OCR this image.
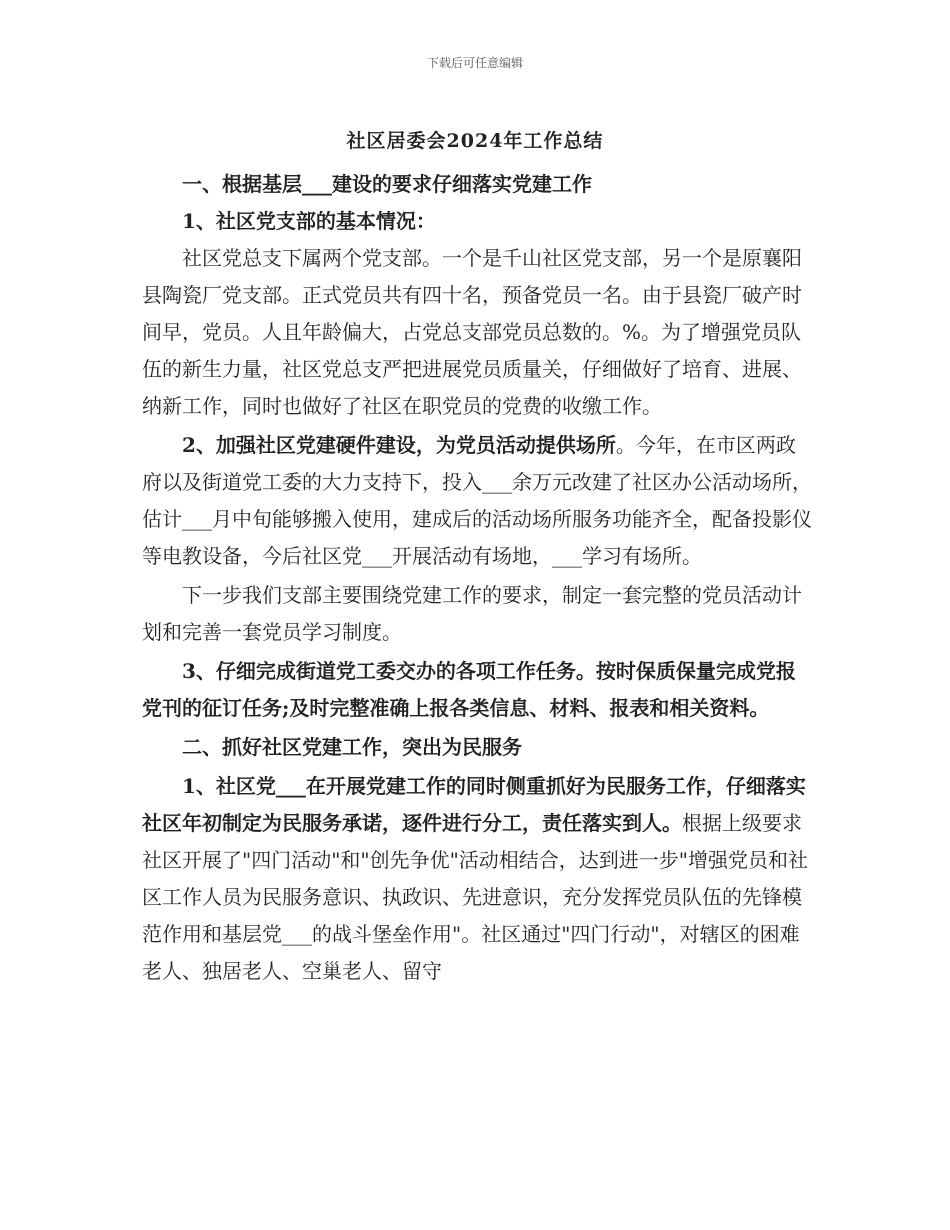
下载后可任意编辑
社区居委会2024年工作总结

一、根据基层___建设的要求仔细落实党建工作

1、社区党支部的基本情况：

社区党总支下属两个党支部。一个是千山社区党支部，另一个是原襄阳县陶瓷厂党支部。正式党员共有四十名，预备党员一名。由于县瓷厂破产时间早，党员。人且年龄偏大，占党总支部党员总数的。%。为了增强党员队伍的新生力量，社区党总支严把进展党员质量关，仔细做好了培育、进展、纳新工作，同时也做好了社区在职党员的党费的收缴工作。

2、加强社区党建硬件建设，为党员活动提供场所。今年，在市区两政府以及街道党工委的大力支持下，投入___余万元改建了社区办公活动场所，估计___月中旬能够搬入使用，建成后的活动场所服务功能齐全，配备投影仪等电教设备，今后社区党___开展活动有场地，___学习有场所。

下一步我们支部主要围绕党建工作的要求，制定一套完整的党员活动计划和完善一套党员学习制度。

3、仔细完成街道党工委交办的各项工作任务。按时保质保量完成党报党刊的征订任务;及时完整准确上报各类信息、材料、报表和相关资料。

二、抓好社区党建工作，突出为民服务

1、社区党___在开展党建工作的同时侧重抓好为民服务工作，仔细落实社区年初制定为民服务承诺，逐件进行分工，责任落实到人。根据上级要求社区开展了"四门活动"和"创先争优"活动相结合，达到进一步"增强党员和社区工作人员为民服务意识、执政识、先进意识，充分发挥党员队伍的先锋模范作用和基层党___的战斗堡垒作用"。社区通过"四门行动"，对辖区的困难老人、独居老人、空巢老人、留守
